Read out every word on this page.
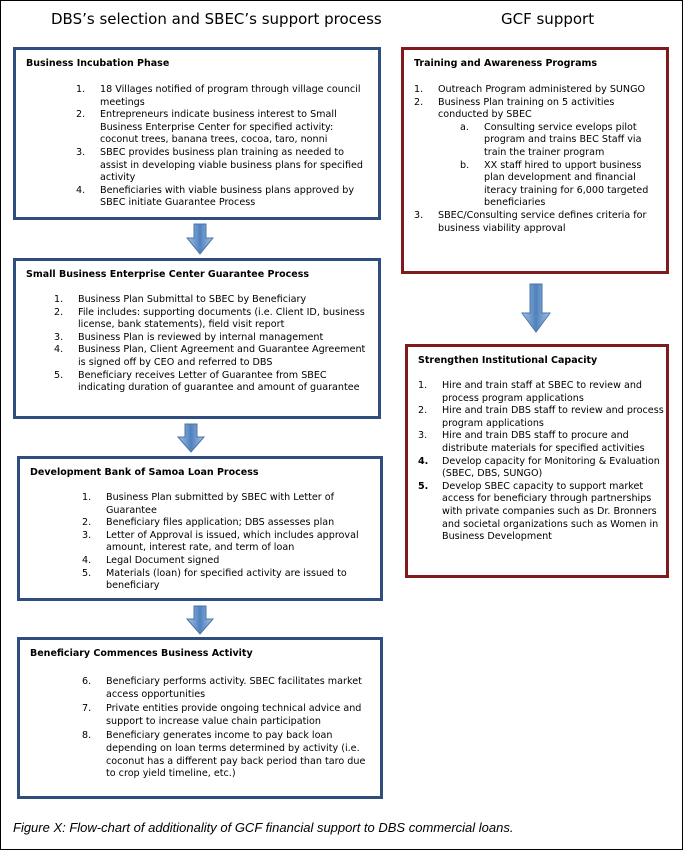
DBS’s selection and SBEC’s support process	GCF support
Business Incubation Phase
1. 18 Villages notified of program through village council meetings
2. Entrepreneurs indicate business interest to Small Business Enterprise Center for specified activity: coconut trees, banana trees, cocoa, taro, nonni
3. SBEC provides business plan training as needed to assist in developing viable business plans for specified activity
4. Beneficiaries with viable business plans approved by SBEC initiate Guarantee Process
Small Business Enterprise Center Guarantee Process
1. Business Plan Submittal to SBEC by Beneficiary
2. File includes: supporting documents (i.e. Client ID, business license, bank statements), field visit report
3. Business Plan is reviewed by internal management
4. Business Plan, Client Agreement and Guarantee Agreement is signed off by CEO and referred to DBS
5. Beneficiary receives Letter of Guarantee from SBEC indicating duration of guarantee and amount of guarantee
Development Bank of Samoa Loan Process
1. Business Plan submitted by SBEC with Letter of Guarantee
2. Beneficiary files application; DBS assesses plan
3. Letter of Approval is issued, which includes approval amount, interest rate, and term of loan
4. Legal Document signed
5. Materials (loan) for specified activity are issued to beneficiary
Beneficiary Commences Business Activity
6. Beneficiary performs activity. SBEC facilitates market access opportunities
7. Private entities provide ongoing technical advice and support to increase value chain participation
8. Beneficiary generates income to pay back loan depending on loan terms determined by activity (i.e. coconut has a different pay back period than taro due to crop yield timeline, etc.)
Training and Awareness Programs
1. Outreach Program administered by SUNGO
2. Business Plan training on 5 activities conducted by SBEC
a. Consulting service evelops pilot program and trains BEC Staff via train the trainer program
b. XX staff hired to upport business plan development and financial iteracy training for 6,000 targeted beneficiaries
3. SBEC/Consulting service defines criteria for business viability approval
Strengthen Institutional Capacity
1. Hire and train staff at SBEC to review and process program applications
2. Hire and train DBS staff to review and process program applications
3. Hire and train DBS staff to procure and distribute materials for specified activities
4. Develop capacity for Monitoring & Evaluation (SBEC, DBS, SUNGO)
5. Develop SBEC capacity to support market access for beneficiary through partnerships with private companies such as Dr. Bronners and societal organizations such as Women in Business Development
Figure X: Flow-chart of additionality of GCF financial support to DBS commercial loans.
